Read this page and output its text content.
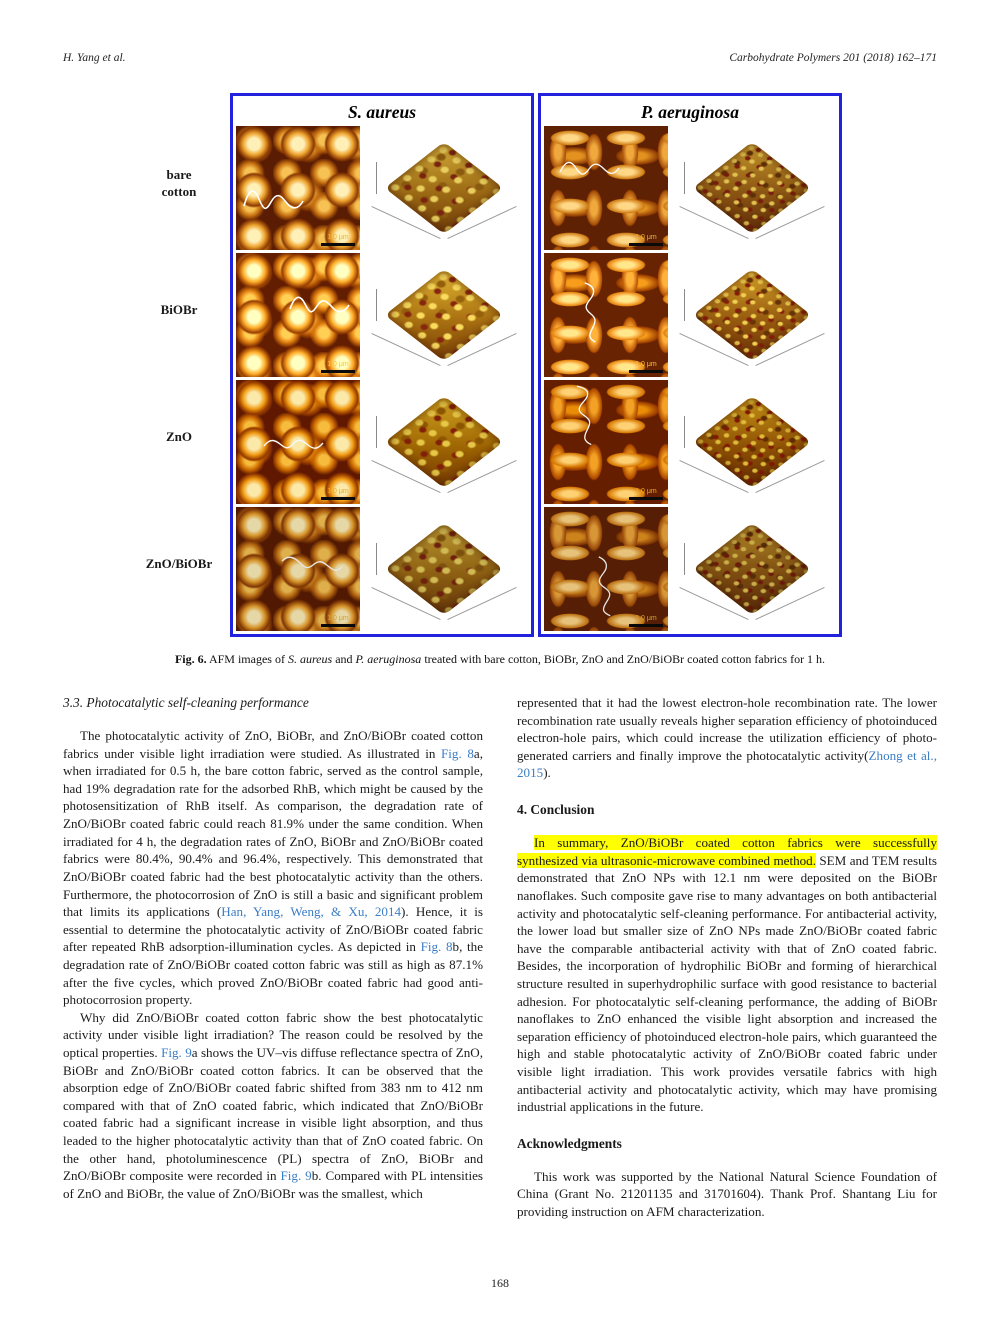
H. Yang et al.	Carbohydrate Polymers 201 (2018) 162–171
bare cotton
BiOBr
ZnO
ZnO/BiOBr
S. aureus
1.0 μm
1.0 μm
1.0 μm
1.0 μm
P. aeruginosa
1.0 μm
1.0 μm
1.0 μm
1.0 μm
Fig. 6. AFM images of S. aureus and P. aeruginosa treated with bare cotton, BiOBr, ZnO and ZnO/BiOBr coated cotton fabrics for 1 h.
3.3. Photocatalytic self-cleaning performance

The photocatalytic activity of ZnO, BiOBr, and ZnO/BiOBr coated cotton fabrics under visible light irradiation were studied. As illustrated in Fig. 8a, when irradiated for 0.5 h, the bare cotton fabric, served as the control sample, had 19% degradation rate for the adsorbed RhB, which might be caused by the photosensitization of RhB itself. As comparison, the degradation rate of ZnO/BiOBr coated fabric could reach 81.9% under the same condition. When irradiated for 4 h, the degradation rates of ZnO, BiOBr and ZnO/BiOBr coated fabrics were 80.4%, 90.4% and 96.4%, respectively. This demonstrated that ZnO/BiOBr coated fabric had the best photocatalytic activity than the others. Furthermore, the photocorrosion of ZnO is still a basic and significant problem that limits its applications (Han, Yang, Weng, & Xu, 2014). Hence, it is essential to determine the photocatalytic activity of ZnO/BiOBr coated fabric after repeated RhB adsorption-illumination cycles. As depicted in Fig. 8b, the degradation rate of ZnO/BiOBr coated cotton fabric was still as high as 87.1% after the five cycles, which proved ZnO/BiOBr coated fabric had good anti- photocorrosion property.

Why did ZnO/BiOBr coated cotton fabric show the best photocatalytic activity under visible light irradiation? The reason could be resolved by the optical properties. Fig. 9a shows the UV–vis diffuse reflectance spectra of ZnO, BiOBr and ZnO/BiOBr coated cotton fabrics. It can be observed that the absorption edge of ZnO/BiOBr coated fabric shifted from 383 nm to 412 nm compared with that of ZnO coated fabric, which indicated that ZnO/BiOBr coated fabric had a significant increase in visible light absorption, and thus leaded to the higher photocatalytic activity than that of ZnO coated fabric. On the other hand, photoluminescence (PL) spectra of ZnO, BiOBr and ZnO/BiOBr composite were recorded in Fig. 9b. Compared with PL intensities of ZnO and BiOBr, the value of ZnO/BiOBr was the smallest, which

represented that it had the lowest electron-hole recombination rate. The lower recombination rate usually reveals higher separation efficiency of photoinduced electron-hole pairs, which could increase the utilization efficiency of photo-generated carriers and finally improve the photocatalytic activity(Zhong et al., 2015).

4. Conclusion

In summary, ZnO/BiOBr coated cotton fabrics were successfully synthesized via ultrasonic-microwave combined method. SEM and TEM results demonstrated that ZnO NPs with 12.1 nm were deposited on the BiOBr nanoflakes. Such composite gave rise to many advantages on both antibacterial activity and photocatalytic self-cleaning performance. For antibacterial activity, the lower load but smaller size of ZnO NPs made ZnO/BiOBr coated fabric have the comparable antibacterial activity with that of ZnO coated fabric. Besides, the incorporation of hydrophilic BiOBr and forming of hierarchical structure resulted in superhydrophilic surface with good resistance to bacterial adhesion. For photocatalytic self-cleaning performance, the adding of BiOBr nanoflakes to ZnO enhanced the visible light absorption and increased the separation efficiency of photoinduced electron-hole pairs, which guaranteed the high and stable photocatalytic activity of ZnO/BiOBr coated fabric under visible light irradiation. This work provides versatile fabrics with high antibacterial activity and photocatalytic activity, which may have promising industrial applications in the future.

Acknowledgments

This work was supported by the National Natural Science Foundation of China (Grant No. 21201135 and 31701604). Thank Prof. Shantang Liu for providing instruction on AFM characterization.

168
